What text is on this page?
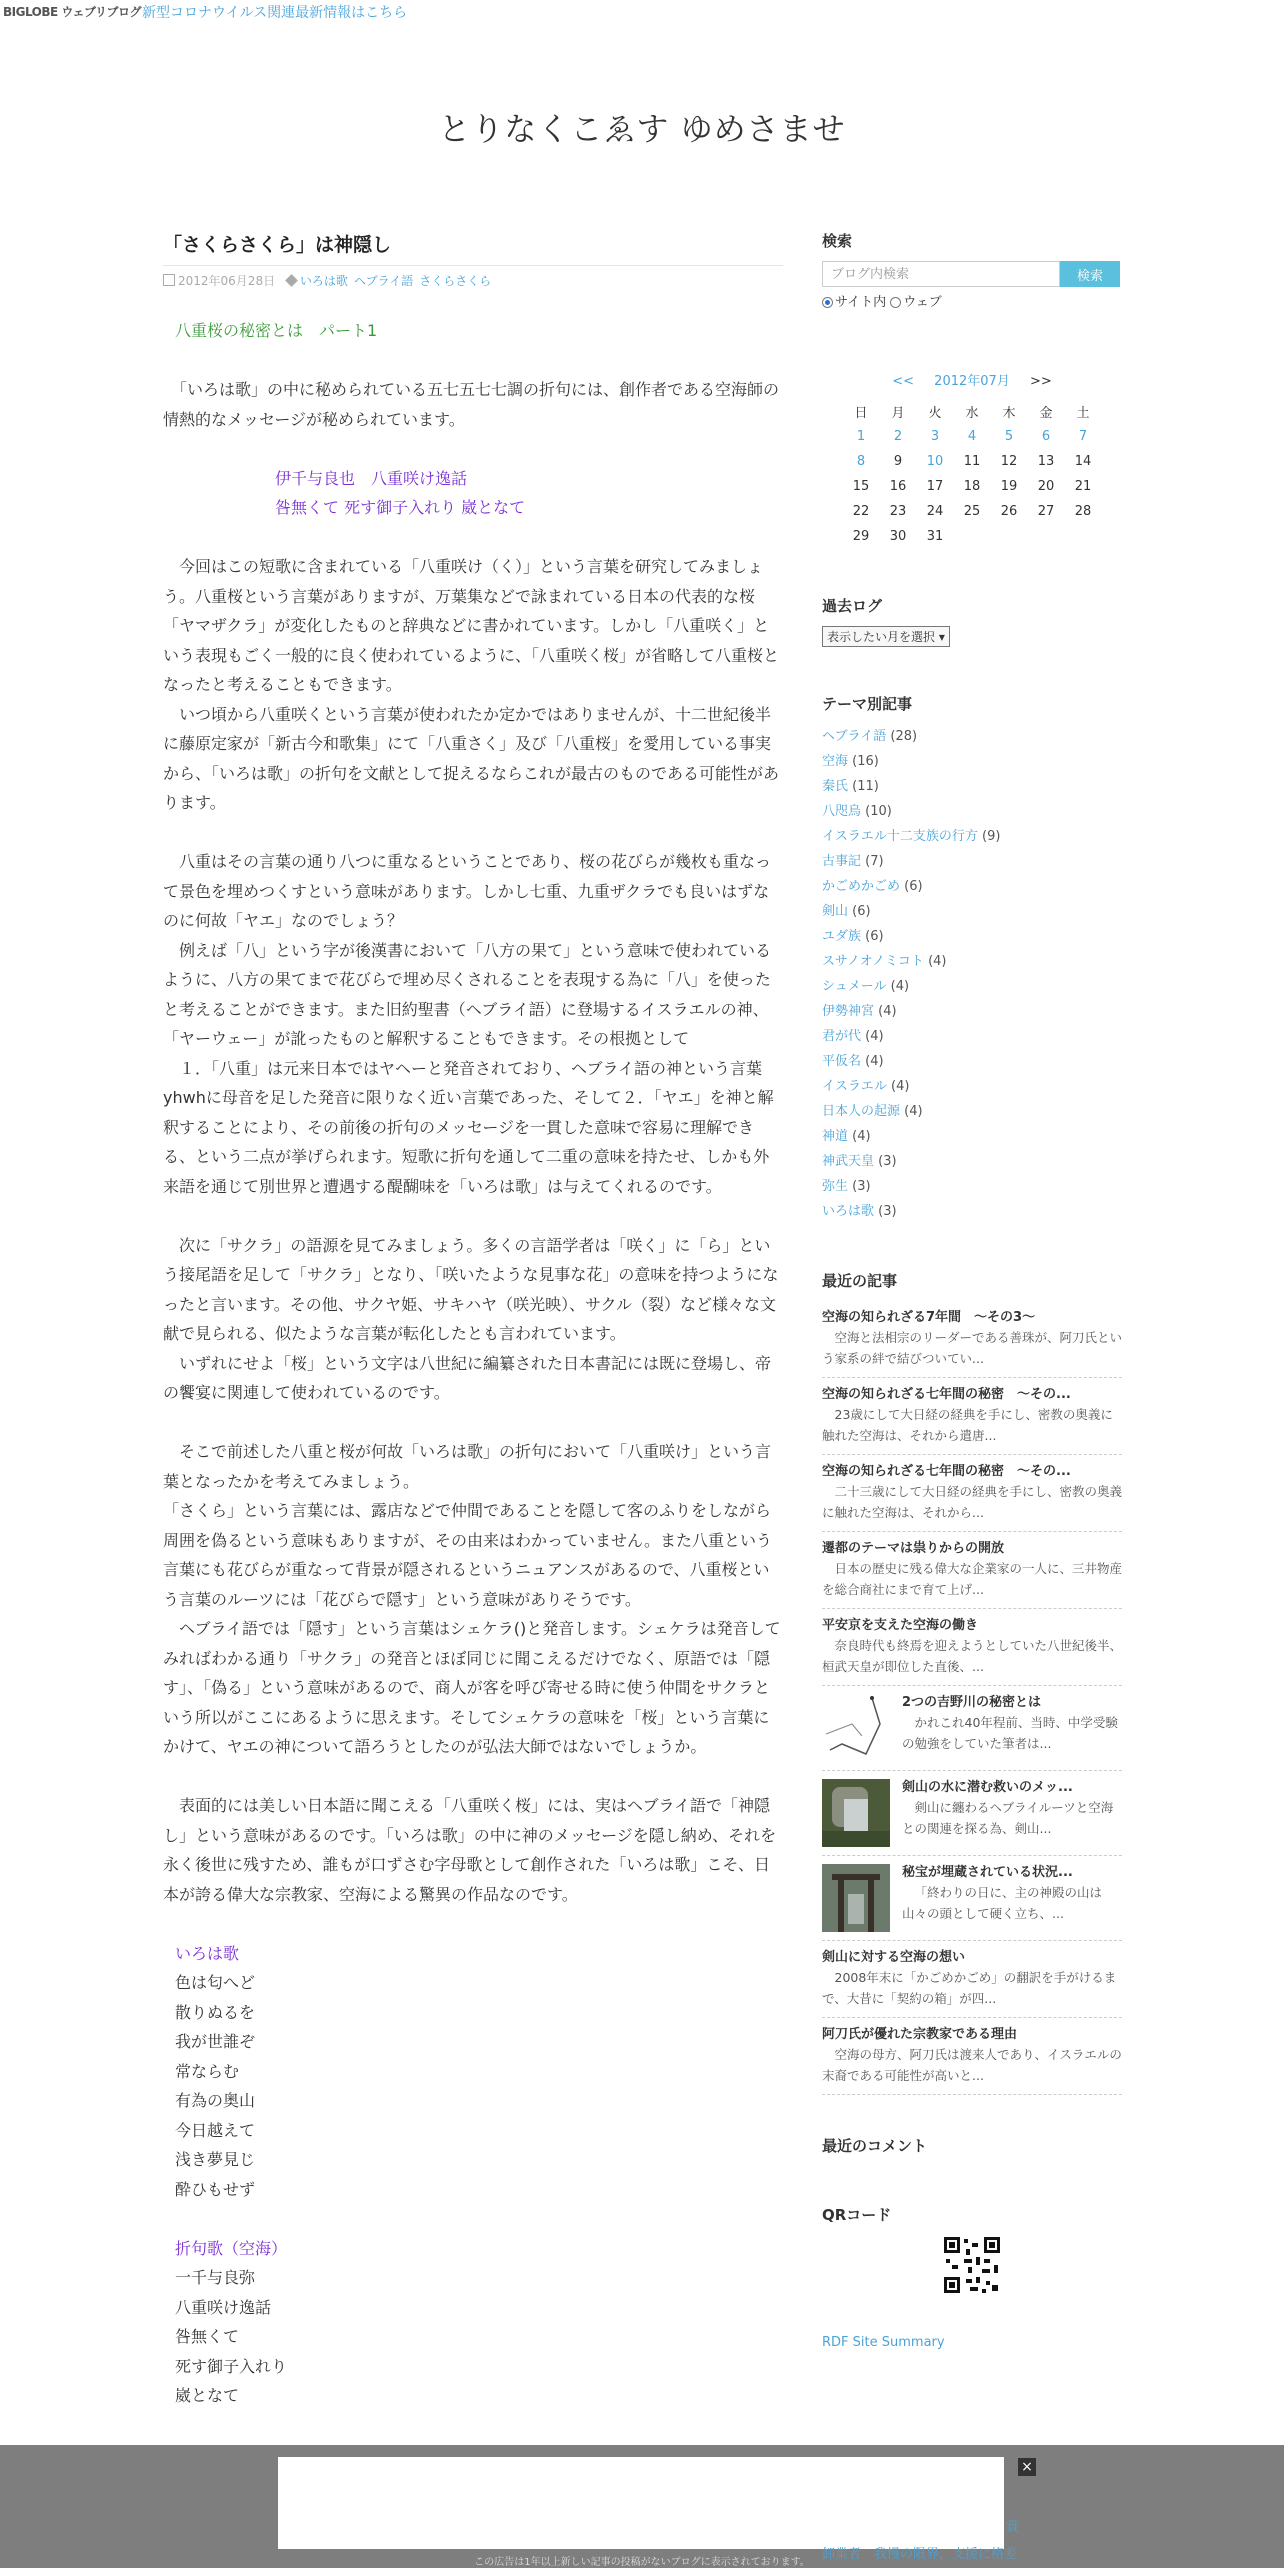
BIGLOBE ウェブリブログ 新型コロナウイルス関連最新情報はこちら
とりなくこゑす ゆめさませ
「さくらさくら」は神隠し
2012年06月28日 いろは歌 ヘブライ語 さくらさくら

八重桜の秘密とは　パート1

　「いろは歌」の中に秘められている五七五七七調の折句には、創作者である空海師の情熱的なメッセージが秘められています。

伊千与良也　八重咲け逸話

咎無くて 死す御子入れり 崴となて

　今回はこの短歌に含まれている「八重咲け（く）」という言葉を研究してみましょう。八重桜という言葉がありますが、万葉集などで詠まれている日本の代表的な桜「ヤマザクラ」が変化したものと辞典などに書かれています。しかし「八重咲く」という表現もごく一般的に良く使われているように、「八重咲く桜」が省略して八重桜となったと考えることもできます。

　いつ頃から八重咲くという言葉が使われたか定かではありませんが、十二世紀後半に藤原定家が「新古今和歌集」にて「八重さく」及び「八重桜」を愛用している事実から、「いろは歌」の折句を文献として捉えるならこれが最古のものである可能性があります。

　八重はその言葉の通り八つに重なるということであり、桜の花びらが幾枚も重なって景色を埋めつくすという意味があります。しかし七重、九重ザクラでも良いはずなのに何故「ヤエ」なのでしょう？

　例えば「八」という字が後漢書において「八方の果て」という意味で使われているように、八方の果てまで花びらで埋め尽くされることを表現する為に「八」を使ったと考えることができます。また旧約聖書（ヘブライ語）に登場するイスラエルの神、「ヤーウェー」が訛ったものと解釈することもできます。その根拠として

　１．「八重」は元来日本ではヤヘーと発音されており、ヘブライ語の神という言葉yhwhに母音を足した発音に限りなく近い言葉であった、そして２．「ヤエ」を神と解釈することにより、その前後の折句のメッセージを一貫した意味で容易に理解できる、という二点が挙げられます。短歌に折句を通して二重の意味を持たせ、しかも外来語を通じて別世界と遭遇する醍醐味を「いろは歌」は与えてくれるのです。

　次に「サクラ」の語源を見てみましょう。多くの言語学者は「咲く」に「ら」という接尾語を足して「サクラ」となり、「咲いたような見事な花」の意味を持つようになったと言います。その他、サクヤ姫、サキハヤ（咲光映）、サクル（裂）など様々な文献で見られる、似たような言葉が転化したとも言われています。

　いずれにせよ「桜」という文字は八世紀に編纂された日本書記には既に登場し、帝の饗宴に関連して使われているのです。

　そこで前述した八重と桜が何故「いろは歌」の折句において「八重咲け」という言葉となったかを考えてみましょう。

「さくら」という言葉には、露店などで仲間であることを隠して客のふりをしながら周囲を偽るという意味もありますが、その由来はわかっていません。また八重という言葉にも花びらが重なって背景が隠されるというニュアンスがあるので、八重桜という言葉のルーツには「花びらで隠す」という意味がありそうです。

　ヘブライ語では「隠す」という言葉はシェケラ()と発音します。シェケラは発音してみればわかる通り「サクラ」の発音とほぼ同じに聞こえるだけでなく、原語では「隠す」、「偽る」という意味があるので、商人が客を呼び寄せる時に使う仲間をサクラという所以がここにあるように思えます。そしてシェケラの意味を「桜」という言葉にかけて、ヤエの神について語ろうとしたのが弘法大師ではないでしょうか。

　表面的には美しい日本語に聞こえる「八重咲く桜」には、実はヘブライ語で「神隠し」という意味があるのです。「いろは歌」の中に神のメッセージを隠し納め、それを永く後世に残すため、誰もが口ずさむ字母歌として創作された「いろは歌」こそ、日本が誇る偉大な宗教家、空海による驚異の作品なのです。

いろは歌

色は匂へど

散りぬるを

我が世誰ぞ

常ならむ

有為の奥山

今日越えて

浅き夢見じ

酔ひもせず

折句歌（空海）

一千与良弥

八重咲け逸話

咎無くて

死す御子入れり

崴となて

検索
ブログ内検索
検索
サイト内 ウェブ
<< 2012年07月 >>
日	月	火	水	木	金	土
1	2	3	4	5	6	7
8	9	10	11	12	13	14
15	16	17	18	19	20	21
22	23	24	25	26	27	28
29	30	31				
過去ログ
表示したい月を選択 ▾
テーマ別記事
ヘブライ語 (28)
空海 (16)
秦氏 (11)
八咫烏 (10)
イスラエル十二支族の行方 (9)
古事記 (7)
かごめかごめ (6)
剣山 (6)
ユダ族 (6)
スサノオノミコト (4)
シュメール (4)
伊勢神宮 (4)
君が代 (4)
平仮名 (4)
イスラエル (4)
日本人の起源 (4)
神道 (4)
神武天皇 (3)
弥生 (3)
いろは歌 (3)
最近の記事
空海の知られざる7年間　～その3～
空海と法相宗のリーダーである善珠が、阿刀氏という家系の絆で結びついてい...
空海の知られざる七年間の秘密　～その...
23歳にして大日経の経典を手にし、密教の奥義に触れた空海は、それから遣唐...
空海の知られざる七年間の秘密　～その...
二十三歳にして大日経の経典を手にし、密教の奥義に触れた空海は、それから...
遷都のテーマは祟りからの開放
日本の歴史に残る偉大な企業家の一人に、三井物産を総合商社にまで育て上げ...
平安京を支えた空海の働き
奈良時代も終焉を迎えようとしていた八世紀後半、桓武天皇が即位した直後、...
2つの吉野川の秘密とは
かれこれ40年程前、当時、中学受験の勉強をしていた筆者は...
剣山の水に潜む救いのメッ...
剣山に纏わるヘブライルーツと空海との関連を探る為、剣山...
秘宝が埋蔵されている状況...
「終わりの日に、主の神殿の山は山々の頭として硬く立ち、...
剣山に対する空海の想い
2008年末に「かごめかごめ」の翻訳を手がけるまで、大昔に「契約の箱」が四...
阿刀氏が優れた宗教家である理由
空海の母方、阿刀氏は渡来人であり、イスラエルの末裔である可能性が高いと...
最近のコメント
QRコード
RDF Site Summary
×
この広告は1年以上新しい記事の投稿がないブログに表示されております。
賞
卸業者　我慢の限界，支援に格差
